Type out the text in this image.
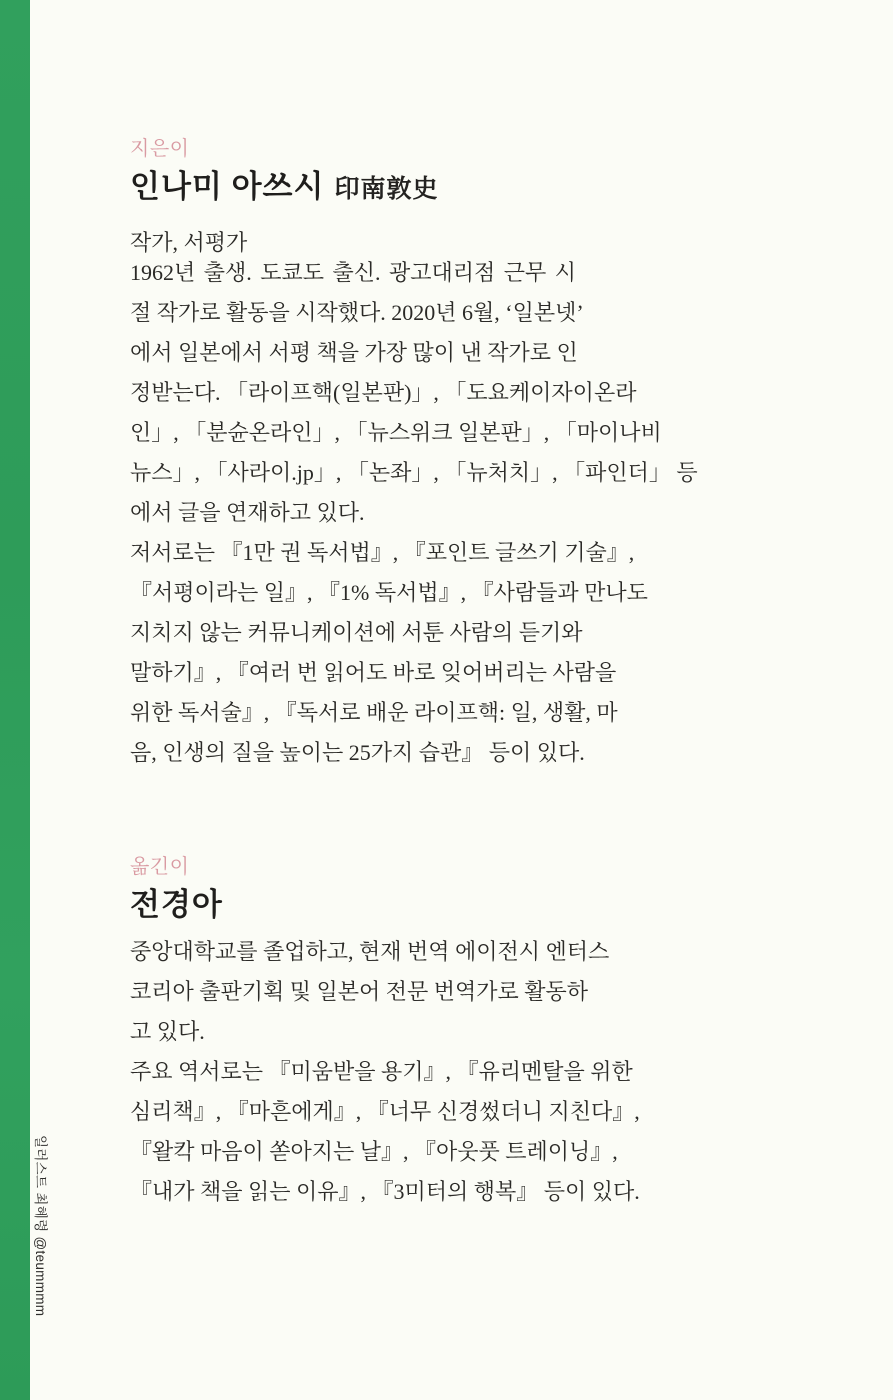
지은이
인나미 아쓰시 印南敦史
작가, 서평가
1962년 출생. 도쿄도 출신. 광고대리점 근무 시
절 작가로 활동을 시작했다. 2020년 6월, ‘일본넷’
에서 일본에서 서평 책을 가장 많이 낸 작가로 인
정받는다. 「라이프핵(일본판)」, 「도요케이자이온라
인」, 「분슌온라인」, 「뉴스위크 일본판」, 「마이나비
뉴스」, 「사라이.jp」, 「논좌」, 「뉴처치」, 「파인더」 등
에서 글을 연재하고 있다.
저서로는 『1만 권 독서법』, 『포인트 글쓰기 기술』,
『서평이라는 일』, 『1% 독서법』, 『사람들과 만나도
지치지 않는 커뮤니케이션에 서툰 사람의 듣기와
말하기』, 『여러 번 읽어도 바로 잊어버리는 사람을
위한 독서술』, 『독서로 배운 라이프핵: 일, 생활, 마
음, 인생의 질을 높이는 25가지 습관』 등이 있다.
옮긴이
전경아
중앙대학교를 졸업하고, 현재 번역 에이전시 엔터스
코리아 출판기획 및 일본어 전문 번역가로 활동하
고 있다.
주요 역서로는 『미움받을 용기』, 『유리멘탈을 위한
심리책』, 『마흔에게』, 『너무 신경썼더니 지친다』,
『왈칵 마음이 쏟아지는 날』, 『아웃풋 트레이닝』,
『내가 책을 읽는 이유』, 『3미터의 행복』 등이 있다.
일러스트 최혜령 @teummmm
